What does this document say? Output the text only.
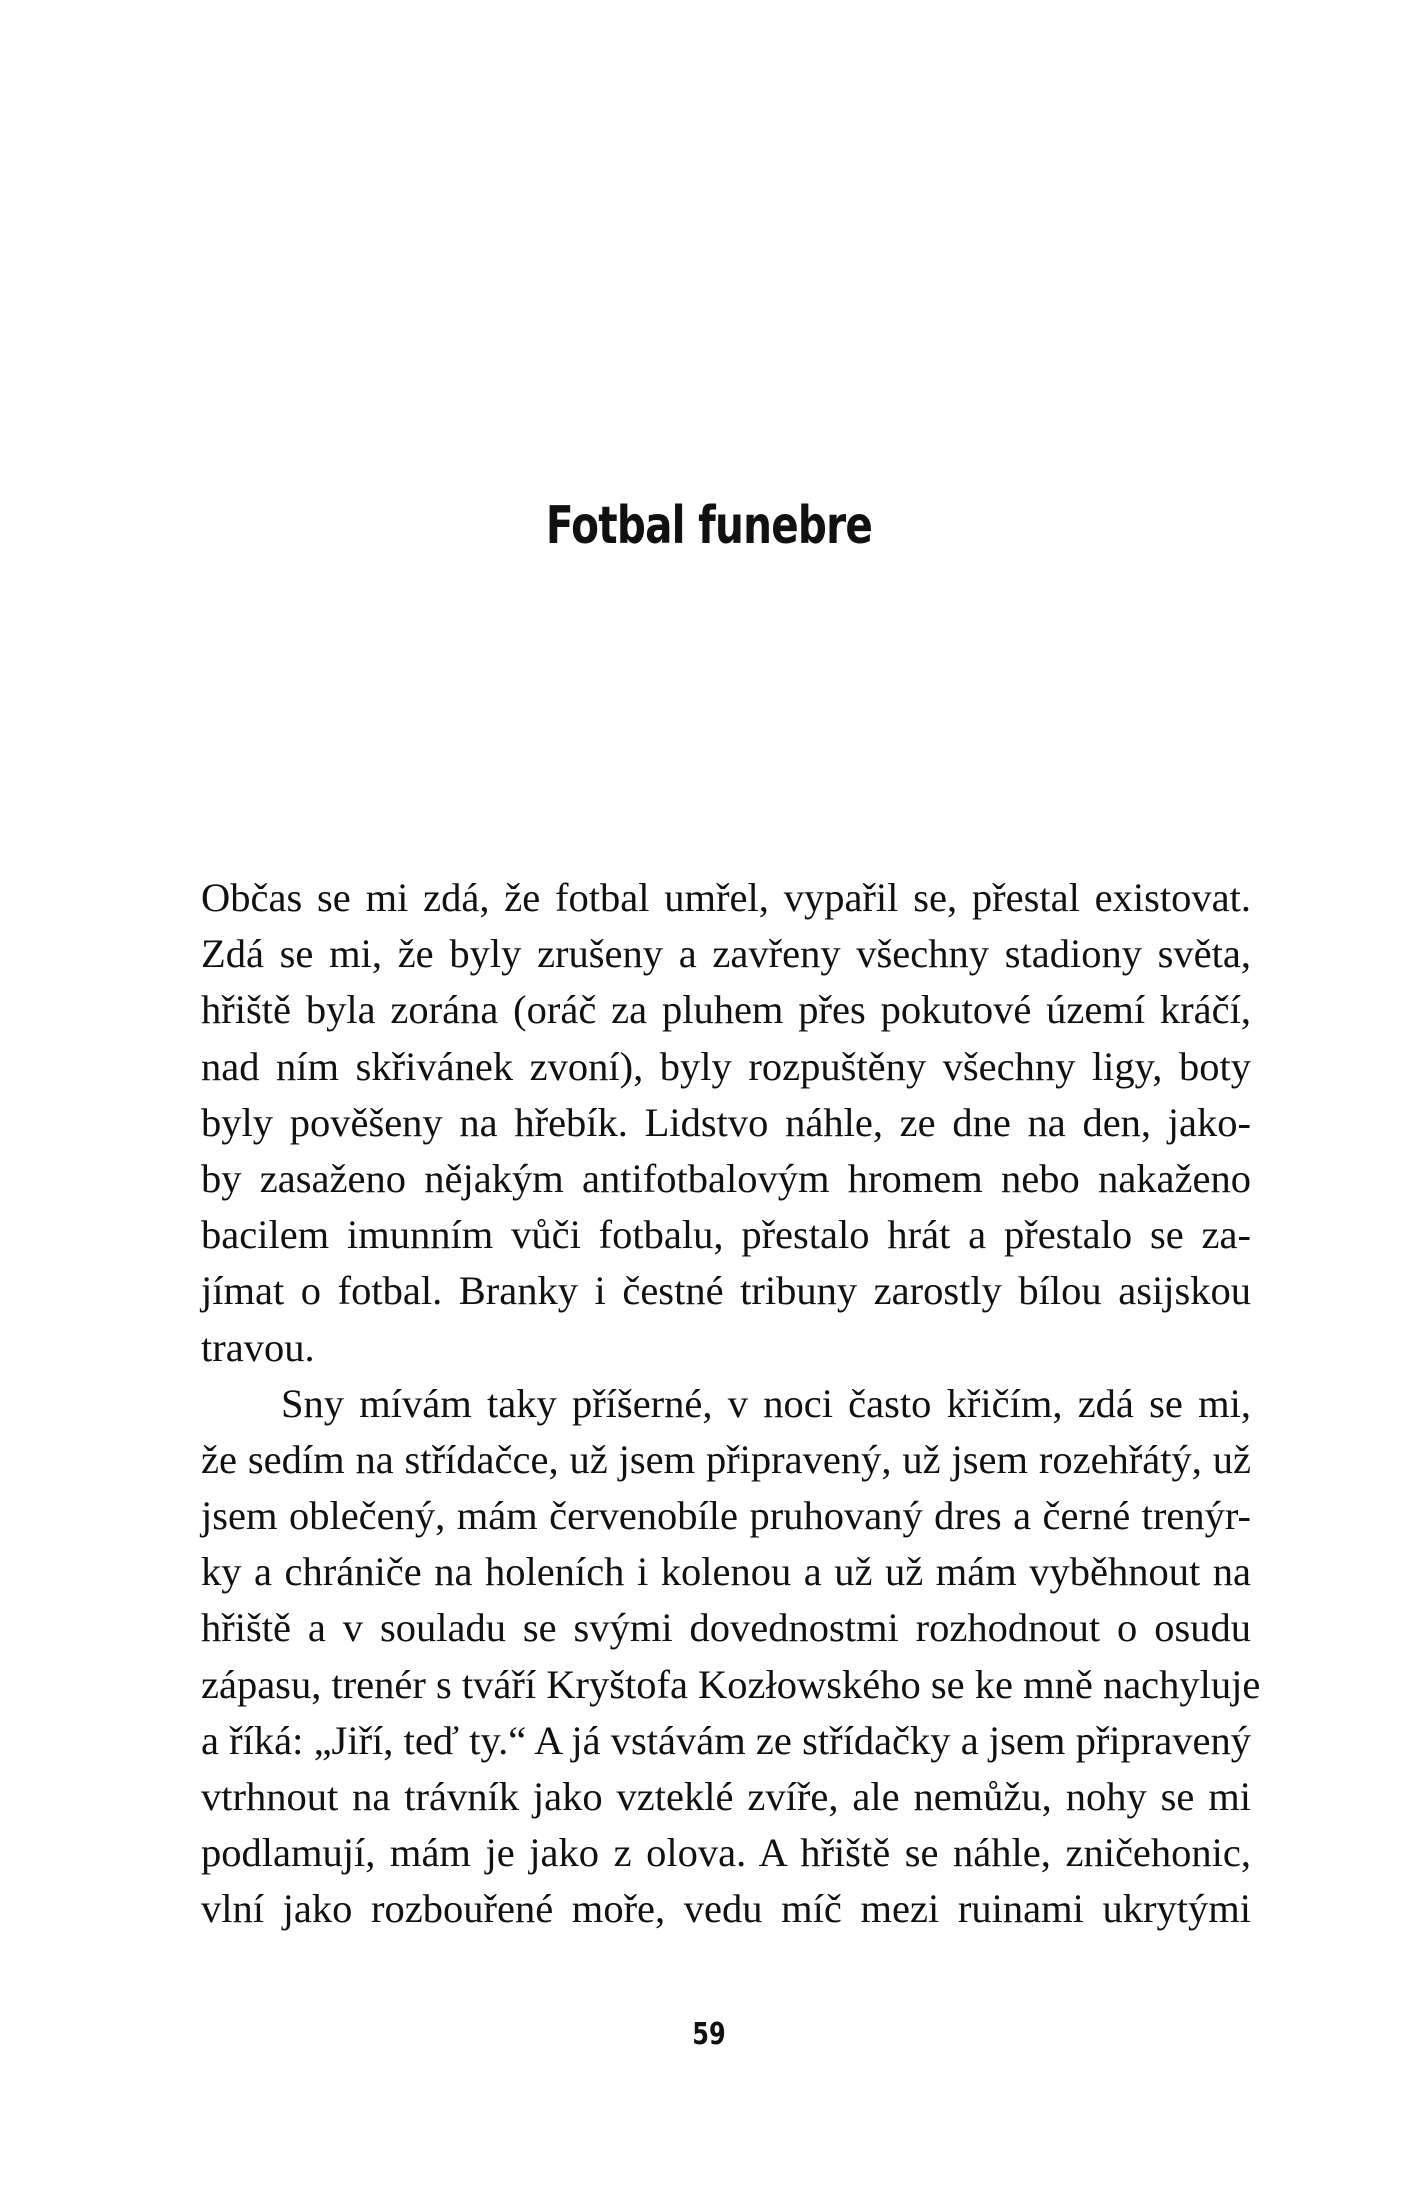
Fotbal funebre
Občas se mi zdá, že fotbal umřel, vypařil se, přestal existovat.
Zdá se mi, že byly zrušeny a zavřeny všechny stadiony světa,
hřiště byla zorána (oráč za pluhem přes pokutové území kráčí,
nad ním skřivánek zvoní), byly rozpuštěny všechny ligy, boty
byly pověšeny na hřebík. Lidstvo náhle, ze dne na den, jako-
by zasaženo nějakým antifotbalovým hromem nebo nakaženo
bacilem imunním vůči fotbalu, přestalo hrát a přestalo se za-
jímat o fotbal. Branky i čestné tribuny zarostly bílou asijskou
travou.
Sny mívám taky příšerné, v noci často křičím, zdá se mi,
že sedím na střídačce, už jsem připravený, už jsem rozehřátý, už
jsem oblečený, mám červenobíle pruhovaný dres a černé trenýr-
ky a chrániče na holeních i kolenou a už už mám vyběhnout na
hřiště a v souladu se svými dovednostmi rozhodnout o osudu
zápasu, trenér s tváří Kryštofa Kozłowského se ke mně nachyluje
a říká: „Jiří, teď ty.“ A já vstávám ze střídačky a jsem připravený
vtrhnout na trávník jako vzteklé zvíře, ale nemůžu, nohy se mi
podlamují, mám je jako z olova. A hřiště se náhle, zničehonic,
vlní jako rozbouřené moře, vedu míč mezi ruinami ukrytými
59
